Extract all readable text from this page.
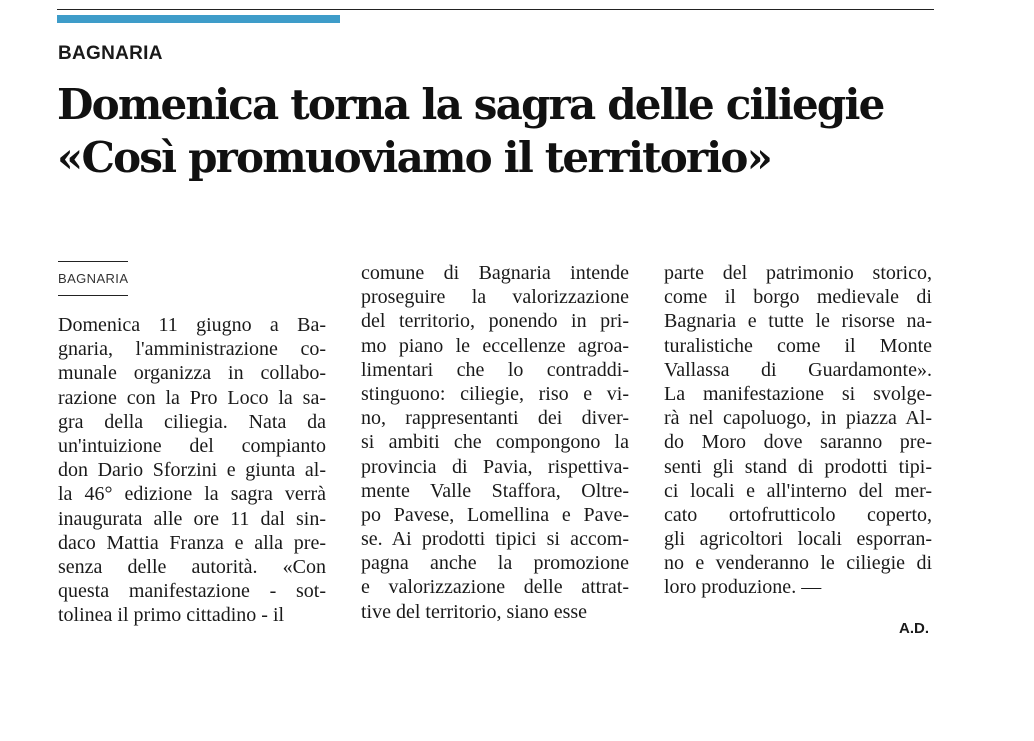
BAGNARIA
Domenica torna la sagra delle ciliegie
«Così promuoviamo il territorio»
BAGNARIA
Domenica 11 giugno a Ba-
gnaria, l'amministrazione co-
munale organizza in collabo-
razione con la Pro Loco la sa-
gra della ciliegia. Nata da
un'intuizione del compianto
don Dario Sforzini e giunta al-
la 46° edizione la sagra verrà
inaugurata alle ore 11 dal sin-
daco Mattia Franza e alla pre-
senza delle autorità. «Con
questa manifestazione - sot-
tolinea il primo cittadino - il
comune di Bagnaria intende
proseguire la valorizzazione
del territorio, ponendo in pri-
mo piano le eccellenze agroa-
limentari che lo contraddi-
stinguono: ciliegie, riso e vi-
no, rappresentanti dei diver-
si ambiti che compongono la
provincia di Pavia, rispettiva-
mente Valle Staffora, Oltre-
po Pavese, Lomellina e Pave-
se. Ai prodotti tipici si accom-
pagna anche la promozione
e valorizzazione delle attrat-
tive del territorio, siano esse
parte del patrimonio storico,
come il borgo medievale di
Bagnaria e tutte le risorse na-
turalistiche come il Monte
Vallassa di Guardamonte».
La manifestazione si svolge-
rà nel capoluogo, in piazza Al-
do Moro dove saranno pre-
senti gli stand di prodotti tipi-
ci locali e all'interno del mer-
cato ortofrutticolo coperto,
gli agricoltori locali esporran-
no e venderanno le ciliegie di
loro produzione. —
A.D.
